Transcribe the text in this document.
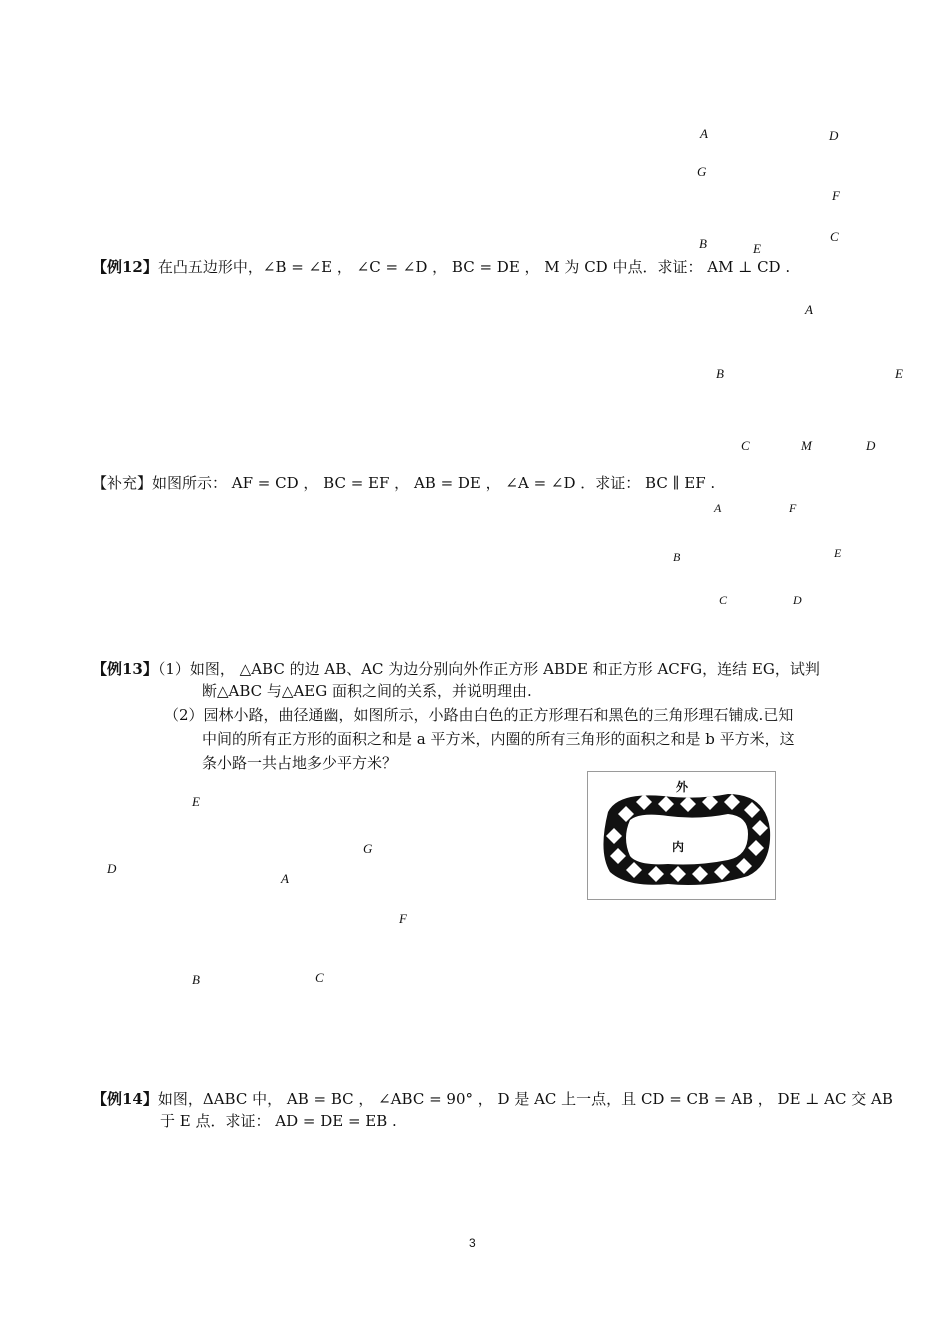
A	D
G
F
B	E
C
【例12】在凸五边形中，∠B = ∠E ， ∠C = ∠D ， BC = DE ， M 为 CD 中点．求证： AM ⊥ CD .
A
B	E
C	M	D
【补充】如图所示： AF = CD ， BC = EF ， AB = DE ， ∠A = ∠D ．求证： BC ∥ EF .
A	F
B	E
C	D
【例13】（1）如图， △ABC 的边 AB、AC 为边分别向外作正方形 ABDE 和正方形 ACFG，连结 EG，试判
断△ABC 与△AEG 面积之间的关系，并说明理由.
（2）园林小路，曲径通幽，如图所示，小路由白色的正方形理石和黑色的三角形理石铺成.已知
中间的所有正方形的面积之和是 a 平方米，内圈的所有三角形的面积之和是 b 平方米，这
条小路一共占地多少平方米？
E
G
D
A
F
B	C
外
内
【例14】如图，ΔABC 中， AB = BC ， ∠ABC = 90° ， D 是 AC 上一点，且 CD = CB = AB ， DE ⊥ AC 交 AB
于 E 点．求证： AD = DE = EB .
3
